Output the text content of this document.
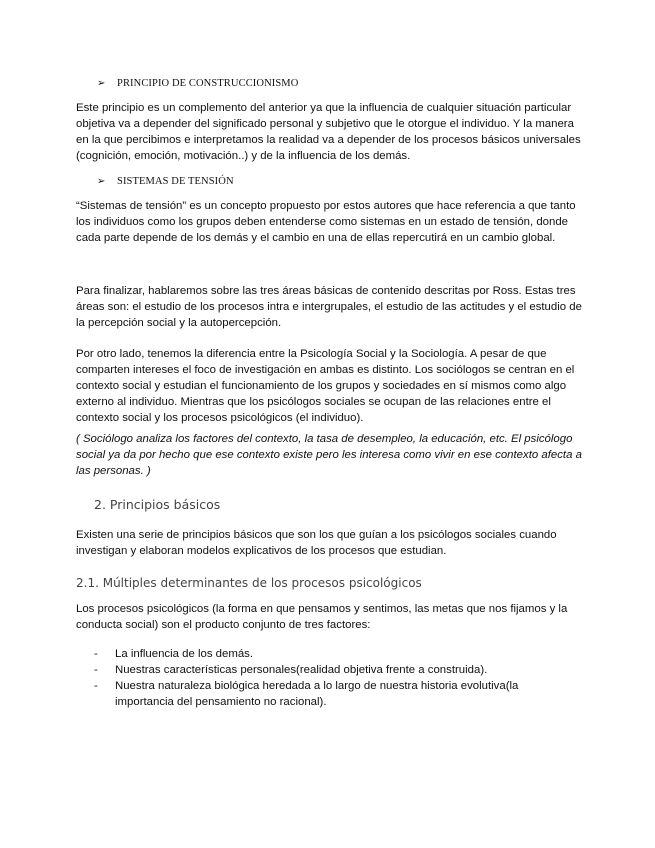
➢ PRINCIPIO DE CONSTRUCCIONISMO

Este principio es un complemento del anterior ya que la influencia de cualquier situación particular objetiva va a depender del significado personal y subjetivo que le otorgue el individuo. Y la manera en la que percibimos e interpretamos la realidad va a depender de los procesos básicos universales (cognición, emoción, motivación..) y de la influencia de los demás.

➢ SISTEMAS DE TENSIÓN

“Sistemas de tensión” es un concepto propuesto por estos autores que hace referencia a que tanto los individuos como los grupos deben entenderse como sistemas en un estado de tensión, donde cada parte depende de los demás y el cambio en una de ellas repercutirá en un cambio global.

Para finalizar, hablaremos sobre las tres áreas básicas de contenido descritas por Ross. Estas tres áreas son: el estudio de los procesos intra e intergrupales, el estudio de las actitudes y el estudio de la percepción social y la autopercepción.

Por otro lado, tenemos la diferencia entre la Psicología Social y la Sociología. A pesar de que comparten intereses el foco de investigación en ambas es distinto. Los sociólogos se centran en el contexto social y estudian el funcionamiento de los grupos y sociedades en sí mismos como algo externo al individuo. Mientras que los psicólogos sociales se ocupan de las relaciones entre el contexto social y los procesos psicológicos (el individuo).

( Sociólogo analiza los factores del contexto, la tasa de desempleo, la educación, etc. El psicólogo social ya da por hecho que ese contexto existe pero les interesa como vivir en ese contexto afecta a las personas. )

2. Principios básicos

Existen una serie de principios básicos que son los que guían a los psicólogos sociales cuando investigan y elaboran modelos explicativos de los procesos que estudian.

2.1. Múltiples determinantes de los procesos psicológicos

Los procesos psicológicos (la forma en que pensamos y sentimos, las metas que nos fijamos y la conducta social) son el producto conjunto de tres factores:

- La influencia de los demás.
- Nuestras características personales(realidad objetiva frente a construida).
- Nuestra naturaleza biológica heredada a lo largo de nuestra historia evolutiva(la importancia del pensamiento no racional).
